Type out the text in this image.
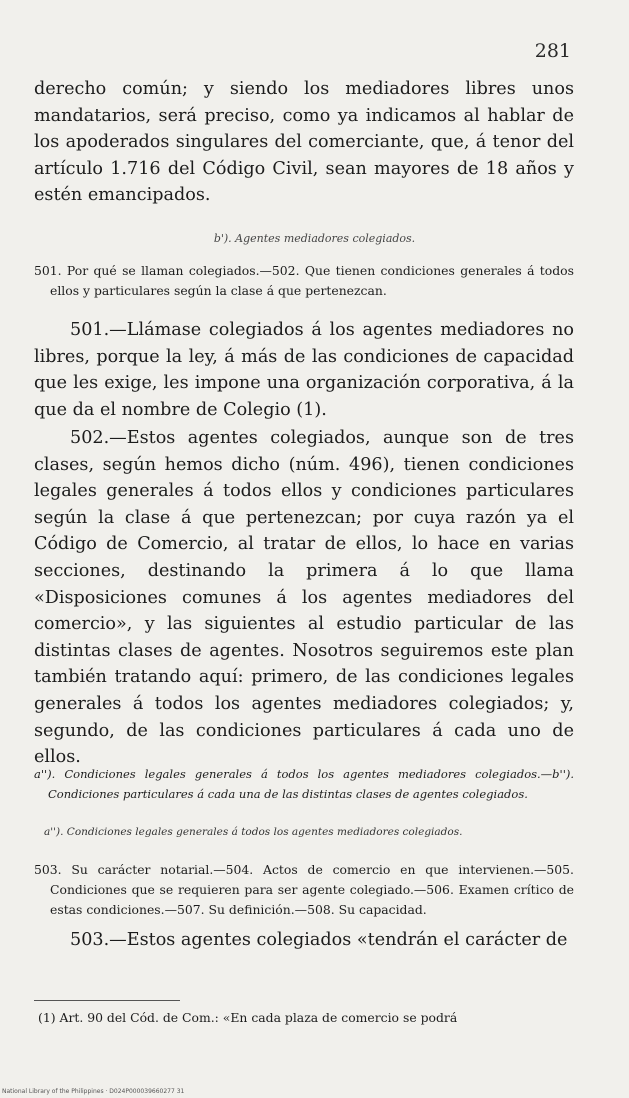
281

derecho común; y siendo los mediadores libres unos mandatarios, será preciso, como ya indicamos al hablar de los apoderados singulares del comerciante, que, á tenor del artículo 1.716 del Código Civil, sean mayores de 18 años y estén emancipados.

b'). Agentes mediadores colegiados.
501. Por qué se llaman colegiados.—502. Que tienen condiciones generales á todos ellos y particulares según la clase á que pertenezcan.

501.—Llámase colegiados á los agentes mediadores no libres, porque la ley, á más de las condiciones de capacidad que les exige, les impone una organización corporativa, á la que da el nombre de Colegio (1).

502.—Estos agentes colegiados, aunque son de tres clases, según hemos dicho (núm. 496), tienen condiciones legales generales á todos ellos y condiciones particulares según la clase á que pertenezcan; por cuya razón ya el Código de Comercio, al tratar de ellos, lo hace en varias secciones, destinando la primera á lo que llama «Disposiciones comunes á los agentes mediadores del comercio», y las siguientes al estudio particular de las distintas clases de agentes. Nosotros seguiremos este plan también tratando aquí: primero, de las condiciones legales generales á todos los agentes mediadores colegiados; y, segundo, de las condiciones particulares á cada uno de ellos.

a''). Condiciones legales generales á todos los agentes mediadores colegiados.—b''). Condiciones particulares á cada una de las distintas clases de agentes colegiados.
a''). Condiciones legales generales á todos los agentes mediadores colegiados.
503. Su carácter notarial.—504. Actos de comercio en que intervienen.—505. Condiciones que se requieren para ser agente colegiado.—506. Examen crítico de estas condiciones.—507. Su definición.—508. Su capacidad.

503.—Estos agentes colegiados «tendrán el carácter de

(1) Art. 90 del Cód. de Com.: «En cada plaza de comercio se podrá
National Library of the Philippines · D024P000039660277 31
